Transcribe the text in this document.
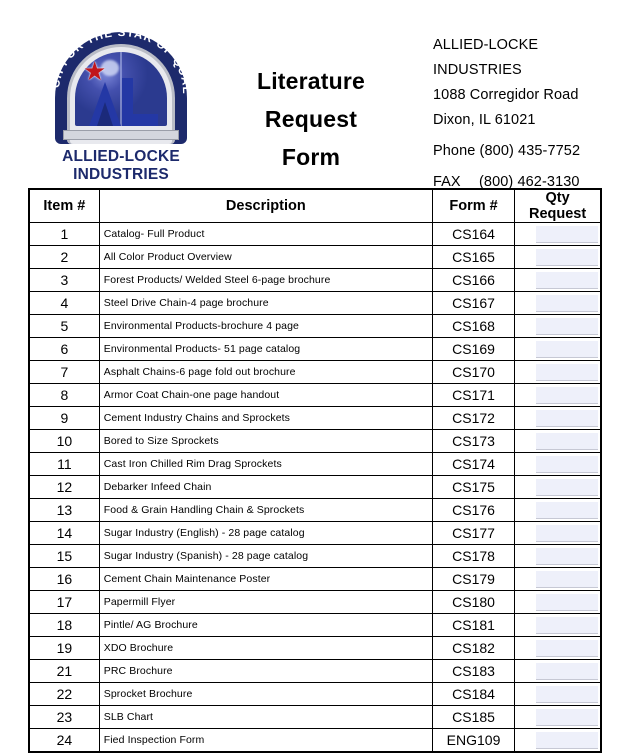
★
REACH FOR THE STAR OF QUALITY
ALLIED-LOCKE
INDUSTRIES
Literature
Request
Form
ALLIED-LOCKE INDUSTRIES
1088 Corregidor Road
Dixon, IL 61021
Phone (800) 435-7752
FAX (800) 462-3130
Item #	Description	Form #	Qty Request
1	Catalog- Full Product	CS164	

2	All Color Product Overview	CS165	

3	Forest Products/ Welded Steel 6-page brochure	CS166	

4	Steel Drive Chain-4 page brochure	CS167	

5	Environmental Products-brochure 4 page	CS168	

6	Environmental Products- 51 page catalog	CS169	

7	Asphalt Chains-6 page fold out brochure	CS170	

8	Armor Coat Chain-one page handout	CS171	

9	Cement Industry Chains and Sprockets	CS172	

10	Bored to Size Sprockets	CS173	

11	Cast Iron Chilled Rim Drag Sprockets	CS174	

12	Debarker Infeed Chain	CS175	

13	Food & Grain Handling Chain & Sprockets	CS176	

14	Sugar Industry (English) - 28 page catalog	CS177	

15	Sugar Industry (Spanish) - 28 page catalog	CS178	

16	Cement Chain Maintenance Poster	CS179	

17	Papermill Flyer	CS180	

18	Pintle/ AG Brochure	CS181	

19	XDO Brochure	CS182	

21	PRC Brochure	CS183	

22	Sprocket Brochure	CS184	

23	SLB Chart	CS185	

24	Fied Inspection Form	ENG109	
